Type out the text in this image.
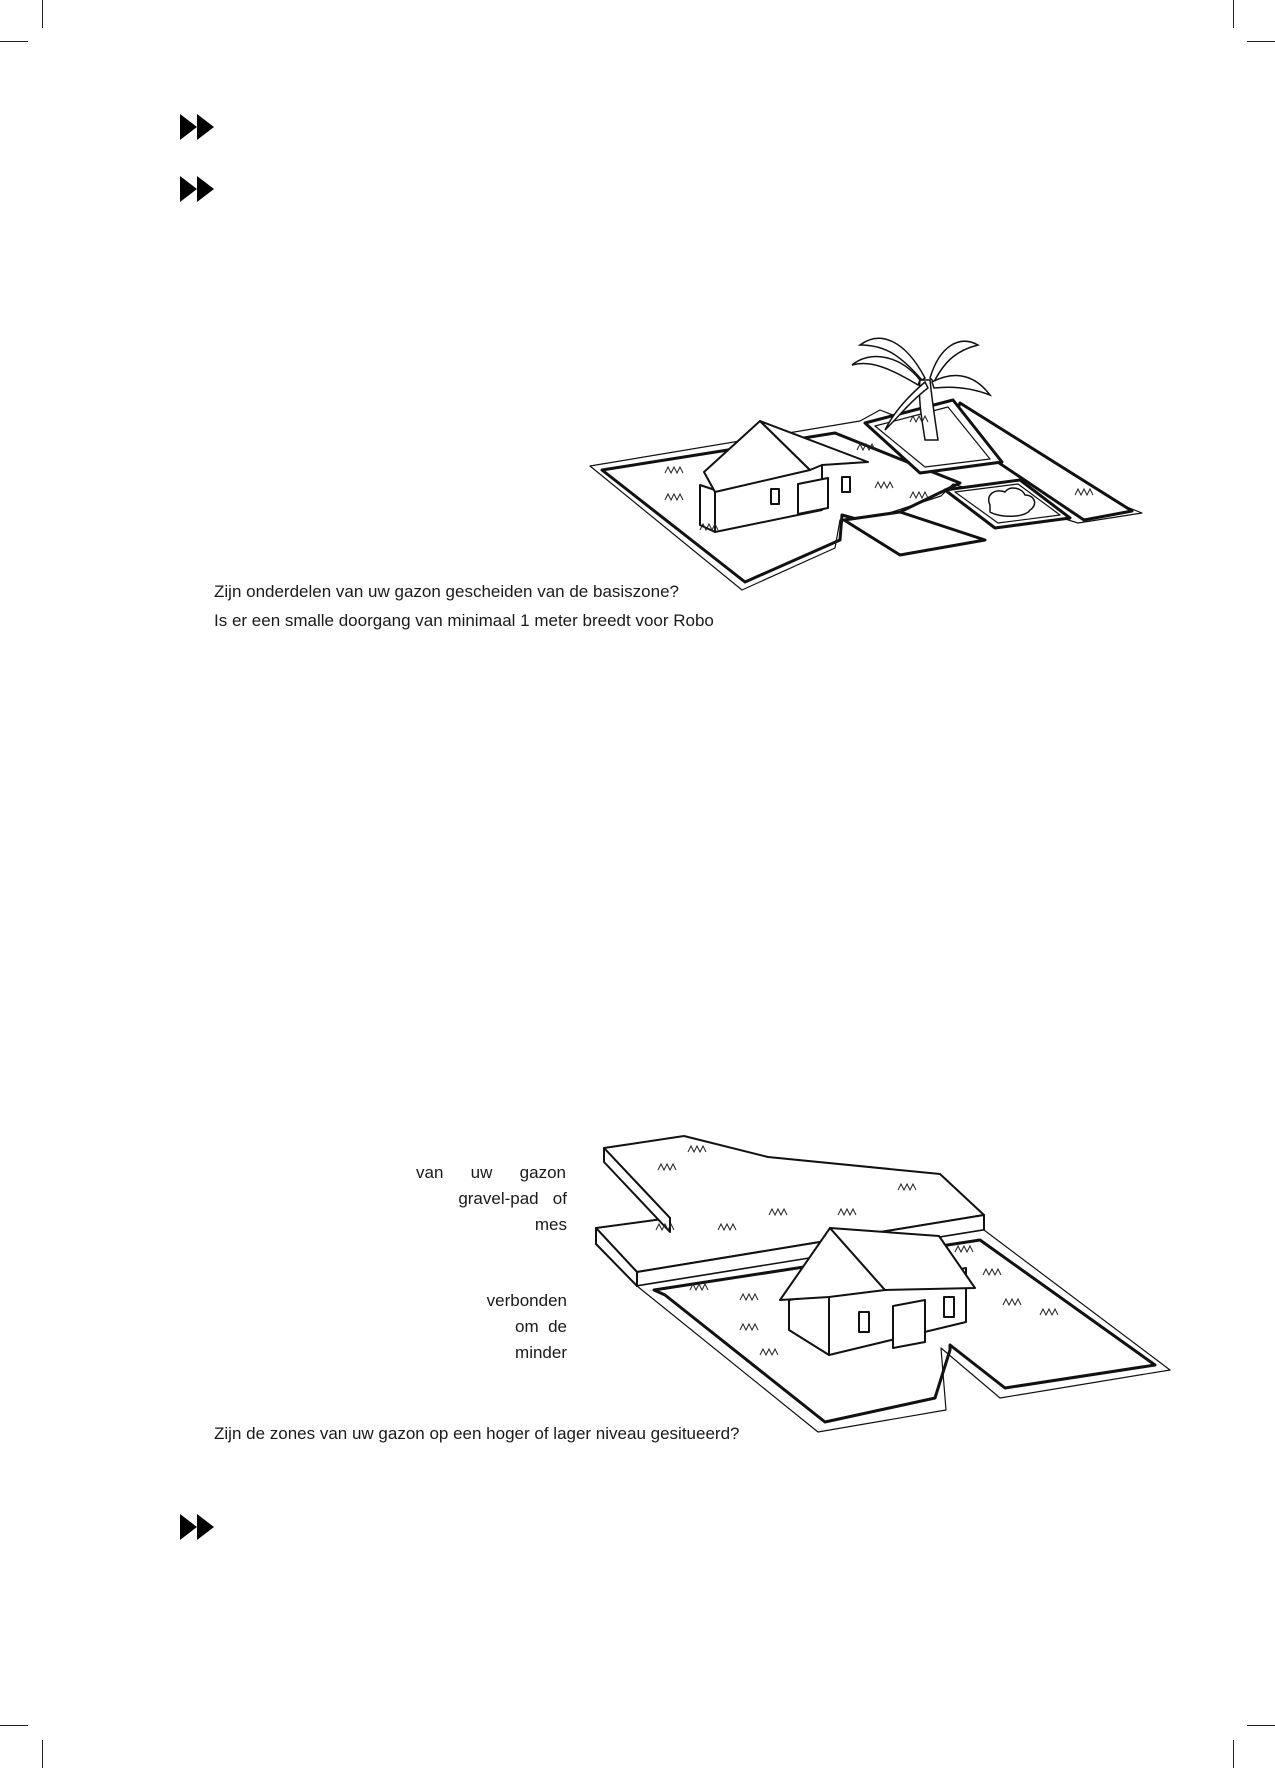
Zijn onderdelen van uw gazon gescheiden van de basiszone?
Is er een smalle doorgang van minimaal 1 meter breedt voor Robo
van uw gazon
gravel-pad   of
mes
verbonden
om  de
minder
Zijn de zones van uw gazon op een hoger of lager niveau gesitueerd?
